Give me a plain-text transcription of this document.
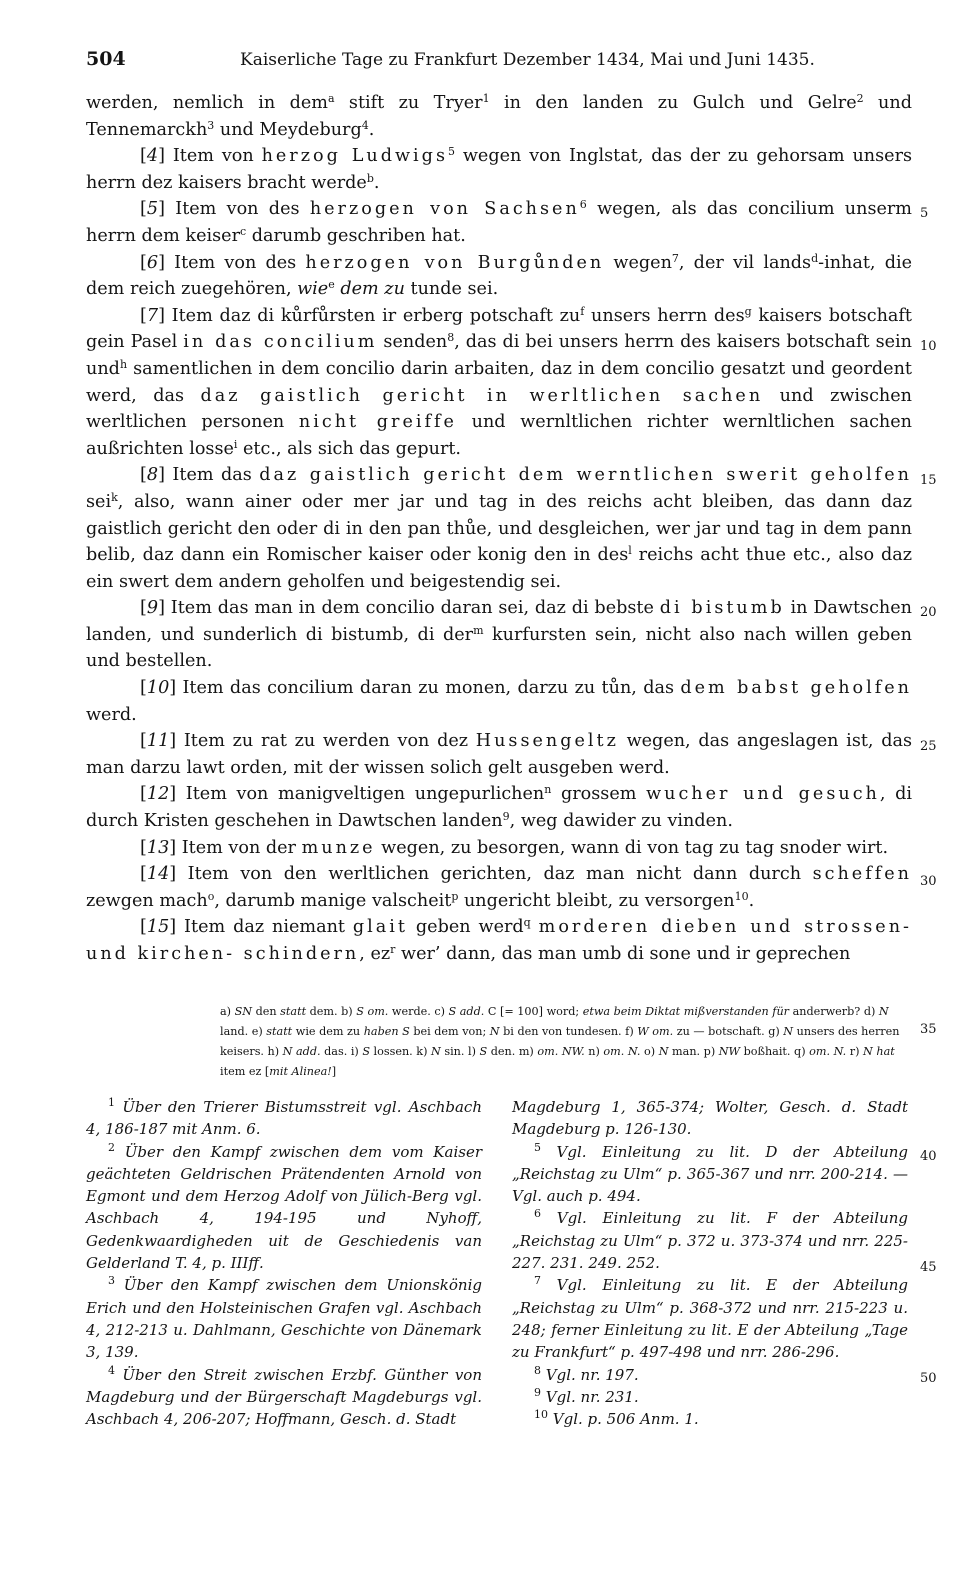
504	Kaiserliche Tage zu Frankfurt Dezember 1434, Mai und Juni 1435.

werden, nemlich in dem$^a$ stift zu Tryer$^1$ in den landen zu Gulch und Gelre$^2$ und Tennemarckh$^3$ und Meydeburg$^4$.

[4] Item von herzog Ludwigs$^5$ wegen von Inglstat, das der zu gehorsam unsers herrn dez kaisers bracht werde$^b$.

[5] Item von des herzogen von Sachsen$^6$ wegen, als das concilium unserm herrn dem keiser$^c$ darumb geschriben hat.

[6] Item von des herzogen von Burgůnden wegen$^7$, der vil lands$^d$-inhat, die dem reich zuegehören, wie$^e$ dem zu tunde sei.

[7] Item daz di kůrfůrsten ir erberg potschaft $zu^f$ unsers herrn des$^g$ kaisers botschaft gein Pasel in das concilium senden$^8$, das di bei unsers herrn des kaisers botschaft sein und$^h$ samentlichen in dem concilio darin arbaiten, daz in dem concilio gesatzt und geordent werd, das daz gaistlich gericht in werltlichen sachen und zwischen werltlichen personen nicht greiffe und wernltlichen richter wernltlichen sachen außrichten losse$^i$ etc., als sich das gepurt.

[8] Item das daz gaistlich gericht dem werntlichen swerit geholfen sei$^k$, also, wann ainer oder mer jar und tag in des reichs acht bleiben, das dann daz gaistlich gericht den oder di in den pan thůe, und desgleichen, wer jar und tag in dem pann belib, daz dann ein Romischer kaiser oder konig den in des$^l$ reichs acht thue etc., also daz ein swert dem andern geholfen und beigestendig sei.

[9] Item das man in dem concilio daran sei, daz di bebste di bistumb in Dawtschen landen, und sunderlich di bistumb, di der$^m$ kurfursten sein, nicht also nach willen geben und bestellen.

[10] Item das concilium daran zu monen, darzu zu tůn, das dem babst geholfen werd.

[11] Item zu rat zu werden von dez Hussengeltz wegen, das angeslagen ist, das man darzu lawt orden, mit der wissen solich gelt ausgeben werd.

[12] Item von manigveltigen ungepurlichen$^n$ grossem wucher und gesuch, di durch Kristen geschehen in Dawtschen landen$^9$, weg dawider zu vinden.

[13] Item von der munze wegen, zu besorgen, wann di von tag zu tag snoder wirt.

[14] Item von den werltlichen gerichten, daz man nicht dann durch scheffen zewgen mach$^o$, darumb manige valscheit$^p$ ungericht bleibt, zu versorgen$^{10}$.

[15] Item daz niemant glait geben werd$^q$ morderen dieben und strossen- und kirchen- schindern, $ez^r$ wer’ dann, das man umb di sone und ir geprechen

5
10
15
20
25
30
35
40
45
50
a) SN den statt dem. b) S om. werde. c) S add. C [= 100] word; etwa beim Diktat mißverstanden für anderwerb? d) N land. e) statt wie dem zu haben S bei dem von; N bi den von tundesen. f) W om. zu — botschaft. g) N unsers des herren keisers. h) N add. das. i) S lossen. k) N sin. l) S den. m) om. NW. n) om. N. o) N man. p) NW boßhait. q) om. N. r) N hat item ez [mit Alinea!]

$^1$ Über den Trierer Bistumsstreit vgl. Aschbach 4, 186-187 mit Anm. 6.

$^2$ Über den Kampf zwischen dem vom Kaiser geächteten Geldrischen Prätendenten Arnold von Egmont und dem Herzog Adolf von Jülich-Berg vgl. Aschbach 4, 194-195 und Nyhoff, Gedenkwaardigheden uit de Geschiedenis van Gelderland T. 4, p. IIIff.

$^3$ Über den Kampf zwischen dem Unionskönig Erich und den Holsteinischen Grafen vgl. Aschbach 4, 212-213 u. Dahlmann, Geschichte von Dänemark 3, 139.

$^4$ Über den Streit zwischen Erzbf. Günther von Magdeburg und der Bürgerschaft Magdeburgs vgl. Aschbach 4, 206-207; Hoffmann, Gesch. d. Stadt

Magdeburg 1, 365-374; Wolter, Gesch. d. Stadt Magdeburg p. 126-130.

$^5$ Vgl. Einleitung zu lit. D der Abteilung „Reichstag zu Ulm“ p. 365-367 und nrr. 200-214. — Vgl. auch p. 494.

$^6$ Vgl. Einleitung zu lit. F der Abteilung „Reichstag zu Ulm“ p. 372 u. 373-374 und nrr. 225-227. 231. 249. 252.

$^7$ Vgl. Einleitung zu lit. E der Abteilung „Reichstag zu Ulm“ p. 368-372 und nrr. 215-223 u. 248; ferner Einleitung zu lit. E der Abteilung „Tage zu Frankfurt“ p. 497-498 und nrr. 286-296.

$^8$ Vgl. nr. 197.

$^9$ Vgl. nr. 231.

$^{10}$ Vgl. p. 506 Anm. 1.
